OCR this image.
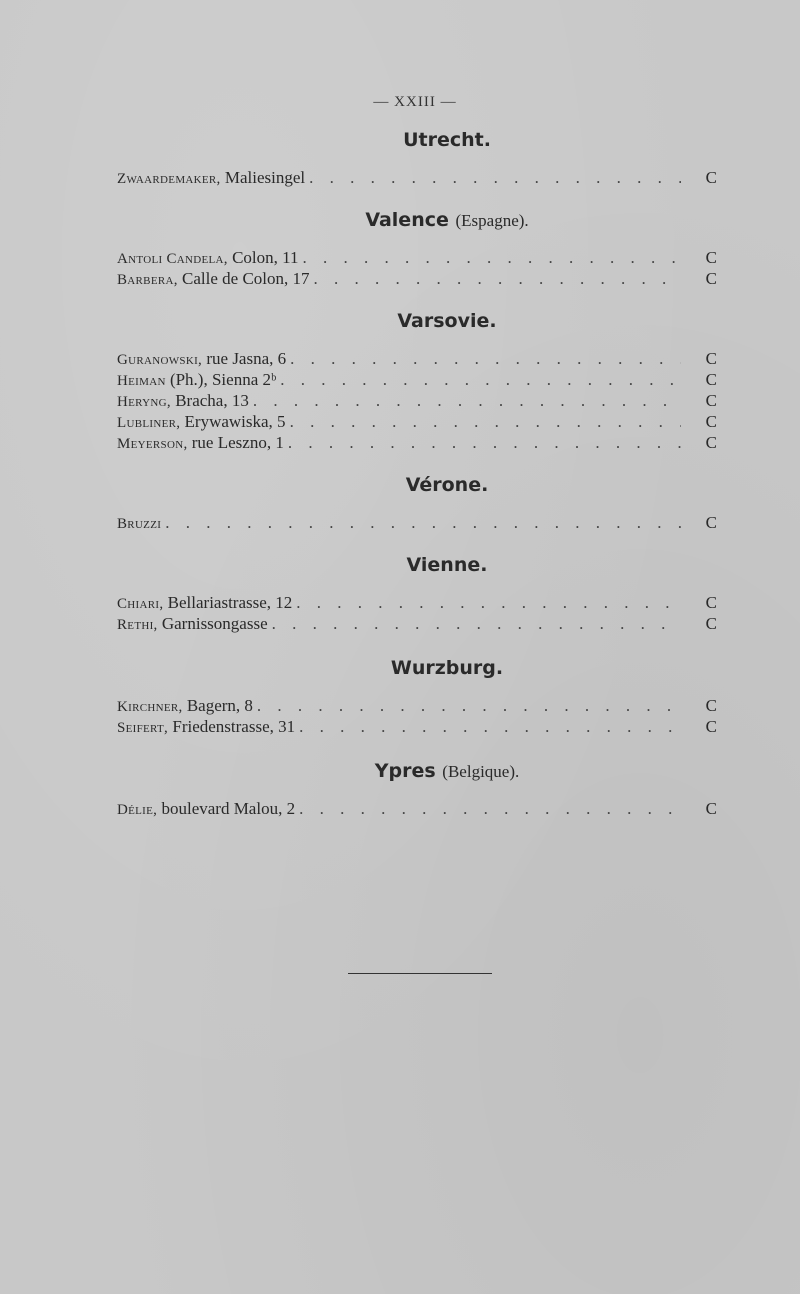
— XXIII —
Utrecht.
Zwaardemaker, Maliesingel . . .	C
Valence (Espagne).
Antoli Candela, Colon, 11 . . .	C
Barbera, Calle de Colon, 17 . . .	C
Varsovie.
Guranowski, rue Jasna, 6 . . .	C
Heiman (Ph.), Sienna 2ᵇ . . .	C
Heryng, Bracha, 13 . . .	C
Lubliner, Erywawiska, 5 . . .	C
Meyerson, rue Leszno, 1 . . .	C
Vérone.
Bruzzi . . .	C
Vienne.
Chiari, Bellariastrasse, 12 . . .	C
Rethi, Garnissongasse . . .	C
Wurzburg.
Kirchner, Bagern, 8 . . .	C
Seifert, Friedenstrasse, 31 . . .	C
Ypres (Belgique).
Délie, boulevard Malou, 2 . . .	C
